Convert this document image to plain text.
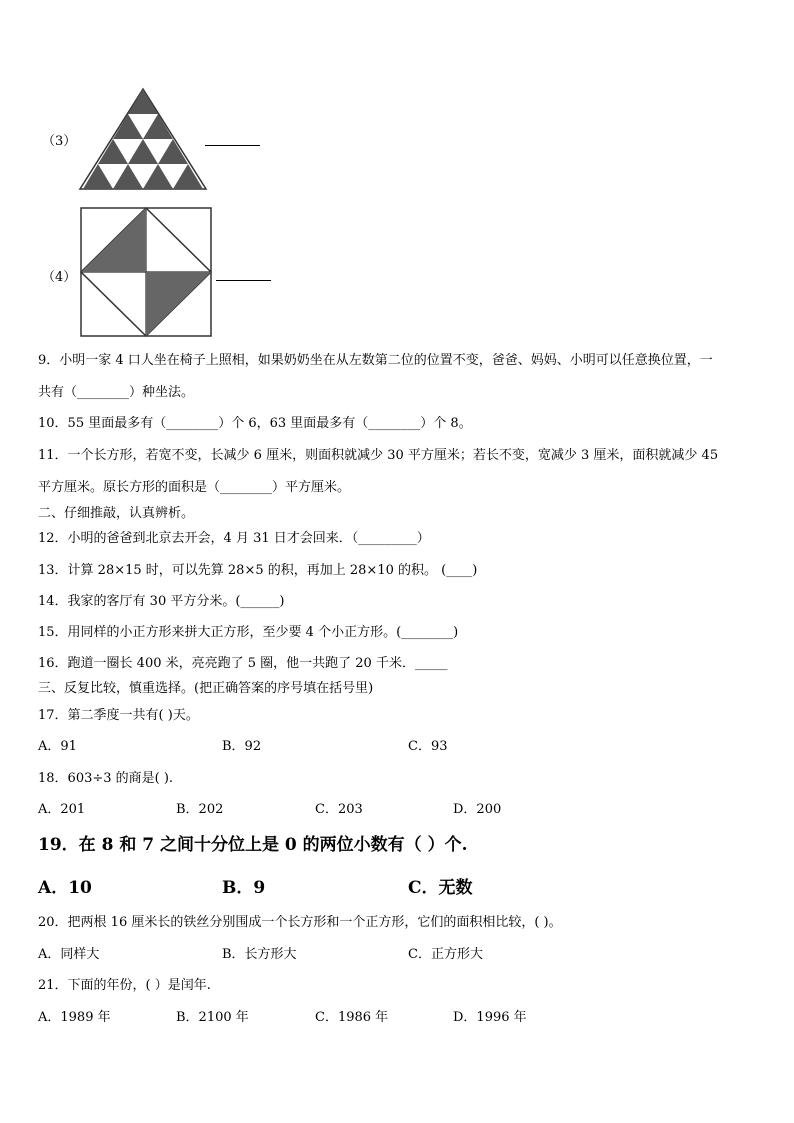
（3）
（4）
9．小明一家 4 口人坐在椅子上照相，如果奶奶坐在从左数第二位的位置不变，爸爸、妈妈、小明可以任意换位置，一
共有（________）种坐法。
10．55 里面最多有（________）个 6，63 里面最多有（________）个 8。
11．一个长方形，若宽不变，长减少 6 厘米，则面积就减少 30 平方厘米；若长不变，宽减少 3 厘米，面积就减少 45
平方厘米。原长方形的面积是（________）平方厘米。
二、仔细推敲，认真辨析。
12．小明的爸爸到北京去开会，4 月 31 日才会回来．（_________）
13．计算 28×15 时，可以先算 28×5 的积，再加上 28×10 的积。 (____)
14．我家的客厅有 30 平方分米。(______)
15．用同样的小正方形来拼大正方形，至少要 4 个小正方形。(________)
16．跑道一圈长 400 米，亮亮跑了 5 圈，他一共跑了 20 千米．_____
三、反复比较，慎重选择。(把正确答案的序号填在括号里)
17．第二季度一共有( )天。
A．91	B．92	C．93
18．603÷3 的商是( ).
A．201	B．202	C．203	D．200
19．在 8 和 7 之间十分位上是 0 的两位小数有（ ）个.
A．10	B．9	C．无数
20．把两根 16 厘米长的铁丝分别围成一个长方形和一个正方形，它们的面积相比较，( )。
A．同样大	B．长方形大	C．正方形大
21．下面的年份，( ）是闰年.
A．1989 年	B．2100 年	C．1986 年	D．1996 年
